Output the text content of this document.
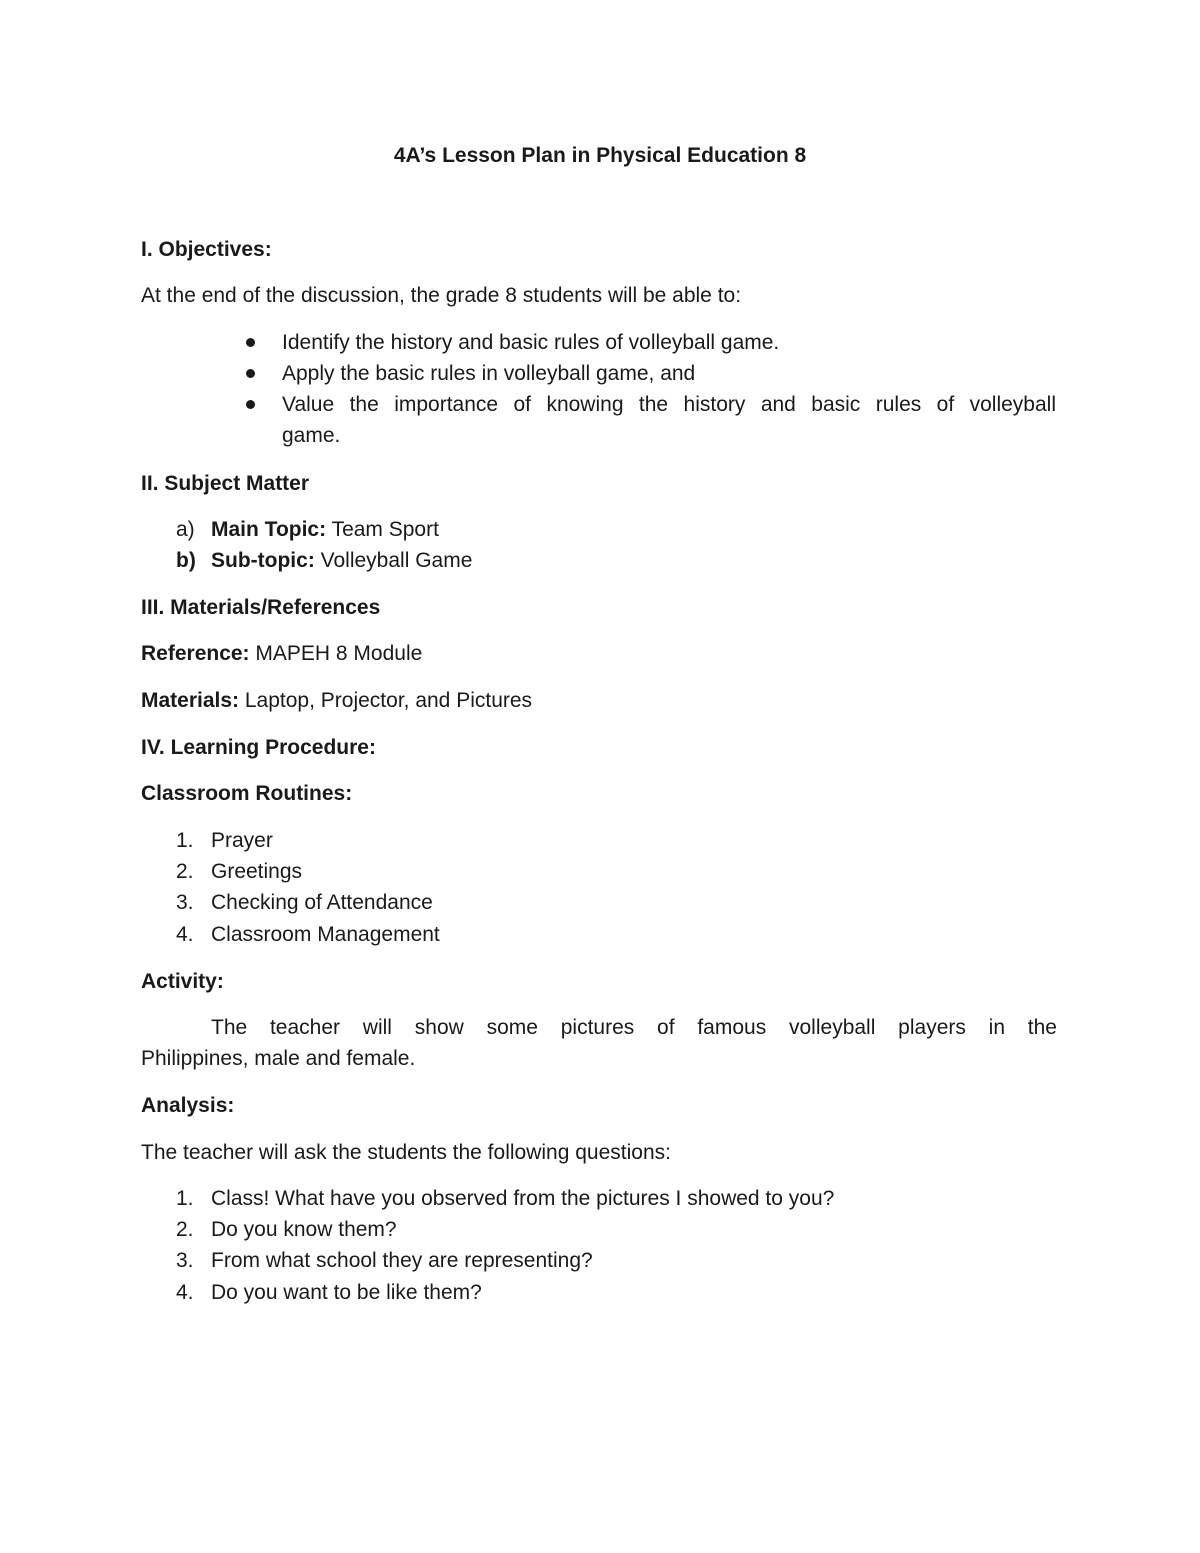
4A’s Lesson Plan in Physical Education 8
I. Objectives:
At the end of the discussion, the grade 8 students will be able to:
Identify the history and basic rules of volleyball game.
Apply the basic rules in volleyball game, and
Value the importance of knowing the history and basic rules of volleyball
game.
II. Subject Matter
a) Main Topic: Team Sport
b) Sub-topic: Volleyball Game
III. Materials/References
Reference: MAPEH 8 Module
Materials: Laptop, Projector, and Pictures
IV. Learning Procedure:
Classroom Routines:
1. Prayer
2. Greetings
3. Checking of Attendance
4. Classroom Management
Activity:
The teacher will show some pictures of famous volleyball players in the
Philippines, male and female.
Analysis:
The teacher will ask the students the following questions:
1. Class! What have you observed from the pictures I showed to you?
2. Do you know them?
3. From what school they are representing?
4. Do you want to be like them?
